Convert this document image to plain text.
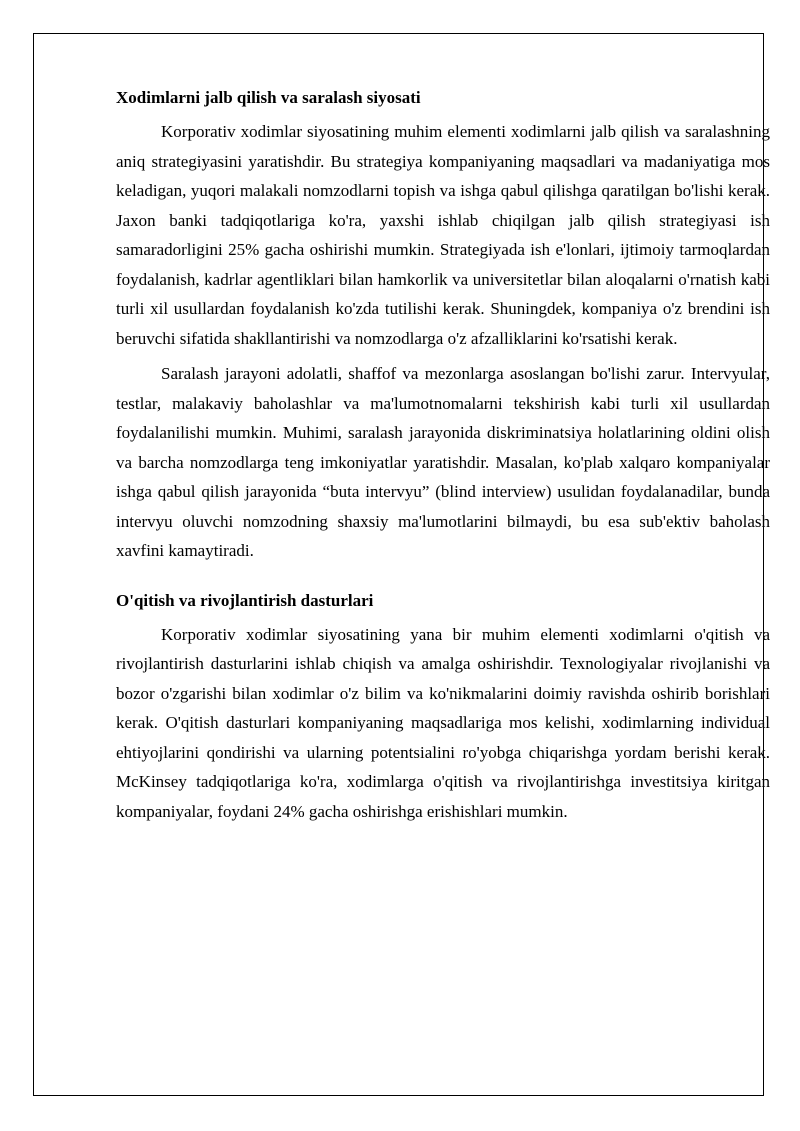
Xodimlarni jalb qilish va saralash siyosati

Korporativ xodimlar siyosatining muhim elementi xodimlarni jalb qilish va saralashning aniq strategiyasini yaratishdir. Bu strategiya kompaniyaning maqsadlari va madaniyatiga mos keladigan, yuqori malakali nomzodlarni topish va ishga qabul qilishga qaratilgan bo'lishi kerak. Jaxon banki tadqiqotlariga ko'ra, yaxshi ishlab chiqilgan jalb qilish strategiyasi ish samaradorligini 25% gacha oshirishi mumkin. Strategiyada ish e'lonlari, ijtimoiy tarmoqlardan foydalanish, kadrlar agentliklari bilan hamkorlik va universitetlar bilan aloqalarni o'rnatish kabi turli xil usullardan foydalanish ko'zda tutilishi kerak. Shuningdek, kompaniya o'z brendini ish beruvchi sifatida shakllantirishi va nomzodlarga o'z afzalliklarini ko'rsatishi kerak.

Saralash jarayoni adolatli, shaffof va mezonlarga asoslangan bo'lishi zarur. Intervyular, testlar, malakaviy baholashlar va ma'lumotnomalarni tekshirish kabi turli xil usullardan foydalanilishi mumkin. Muhimi, saralash jarayonida diskriminatsiya holatlarining oldini olish va barcha nomzodlarga teng imkoniyatlar yaratishdir. Masalan, ko'plab xalqaro kompaniyalar ishga qabul qilish jarayonida “buta intervyu” (blind interview) usulidan foydalanadilar, bunda intervyu oluvchi nomzodning shaxsiy ma'lumotlarini bilmaydi, bu esa sub'ektiv baholash xavfini kamaytiradi.

O'qitish va rivojlantirish dasturlari

Korporativ xodimlar siyosatining yana bir muhim elementi xodimlarni o'qitish va rivojlantirish dasturlarini ishlab chiqish va amalga oshirishdir. Texnologiyalar rivojlanishi va bozor o'zgarishi bilan xodimlar o'z bilim va ko'nikmalarini doimiy ravishda oshirib borishlari kerak. O'qitish dasturlari kompaniyaning maqsadlariga mos kelishi, xodimlarning individual ehtiyojlarini qondirishi va ularning potentsialini ro'yobga chiqarishga yordam berishi kerak. McKinsey tadqiqotlariga ko'ra, xodimlarga o'qitish va rivojlantirishga investitsiya kiritgan kompaniyalar, foydani 24% gacha oshirishga erishishlari mumkin.
